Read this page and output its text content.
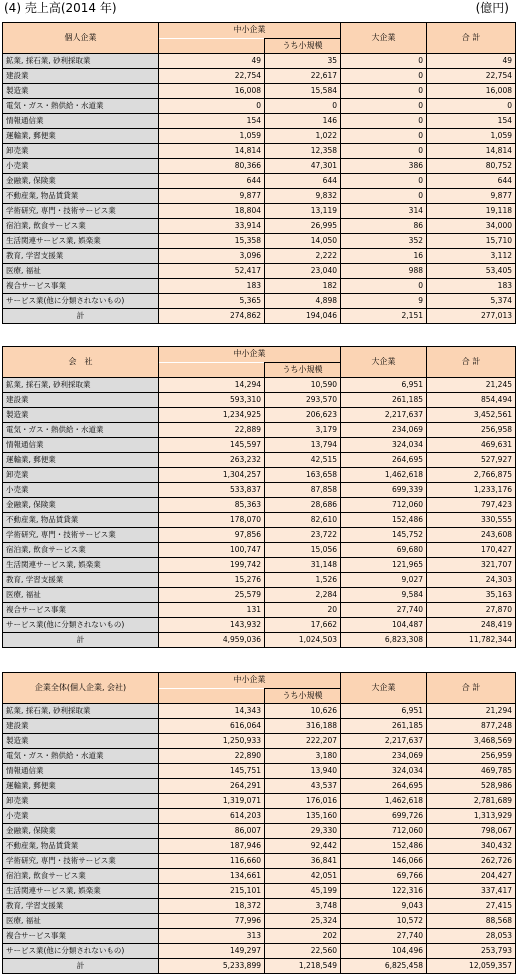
(4) 売上高(2014 年)	(億円)
個人企業	中小企業		大企業	合 計
		うち小規模		
鉱業, 採石業, 砂利採取業	49	35	0	49
建設業	22,754	22,617	0	22,754
製造業	16,008	15,584	0	16,008
電気・ガス・熱供給・水道業	0	0	0	0
情報通信業	154	146	0	154
運輸業, 郵便業	1,059	1,022	0	1,059
卸売業	14,814	12,358	0	14,814
小売業	80,366	47,301	386	80,752
金融業, 保険業	644	644	0	644
不動産業, 物品賃貸業	9,877	9,832	0	9,877
学術研究, 専門・技術サービス業	18,804	13,119	314	19,118
宿泊業, 飲食サービス業	33,914	26,995	86	34,000
生活関連サービス業, 娯楽業	15,358	14,050	352	15,710
教育, 学習支援業	3,096	2,222	16	3,112
医療, 福祉	52,417	23,040	988	53,405
複合サービス事業	183	182	0	183
サービス業(他に分類されないもの)	5,365	4,898	9	5,374
計	274,862	194,046	2,151	277,013
会　社	中小企業		大企業	合 計
		うち小規模		
鉱業, 採石業, 砂利採取業	14,294	10,590	6,951	21,245
建設業	593,310	293,570	261,185	854,494
製造業	1,234,925	206,623	2,217,637	3,452,561
電気・ガス・熱供給・水道業	22,889	3,179	234,069	256,958
情報通信業	145,597	13,794	324,034	469,631
運輸業, 郵便業	263,232	42,515	264,695	527,927
卸売業	1,304,257	163,658	1,462,618	2,766,875
小売業	533,837	87,858	699,339	1,233,176
金融業, 保険業	85,363	28,686	712,060	797,423
不動産業, 物品賃貸業	178,070	82,610	152,486	330,555
学術研究, 専門・技術サービス業	97,856	23,722	145,752	243,608
宿泊業, 飲食サービス業	100,747	15,056	69,680	170,427
生活関連サービス業, 娯楽業	199,742	31,148	121,965	321,707
教育, 学習支援業	15,276	1,526	9,027	24,303
医療, 福祉	25,579	2,284	9,584	35,163
複合サービス事業	131	20	27,740	27,870
サービス業(他に分類されないもの)	143,932	17,662	104,487	248,419
計	4,959,036	1,024,503	6,823,308	11,782,344
企業全体(個人企業, 会社)	中小企業		大企業	合 計
		うち小規模		
鉱業, 採石業, 砂利採取業	14,343	10,626	6,951	21,294
建設業	616,064	316,188	261,185	877,248
製造業	1,250,933	222,207	2,217,637	3,468,569
電気・ガス・熱供給・水道業	22,890	3,180	234,069	256,959
情報通信業	145,751	13,940	324,034	469,785
運輸業, 郵便業	264,291	43,537	264,695	528,986
卸売業	1,319,071	176,016	1,462,618	2,781,689
小売業	614,203	135,160	699,726	1,313,929
金融業, 保険業	86,007	29,330	712,060	798,067
不動産業, 物品賃貸業	187,946	92,442	152,486	340,432
学術研究, 専門・技術サービス業	116,660	36,841	146,066	262,726
宿泊業, 飲食サービス業	134,661	42,051	69,766	204,427
生活関連サービス業, 娯楽業	215,101	45,199	122,316	337,417
教育, 学習支援業	18,372	3,748	9,043	27,415
医療, 福祉	77,996	25,324	10,572	88,568
複合サービス事業	313	202	27,740	28,053
サービス業(他に分類されないもの)	149,297	22,560	104,496	253,793
計	5,233,899	1,218,549	6,825,458	12,059,357
